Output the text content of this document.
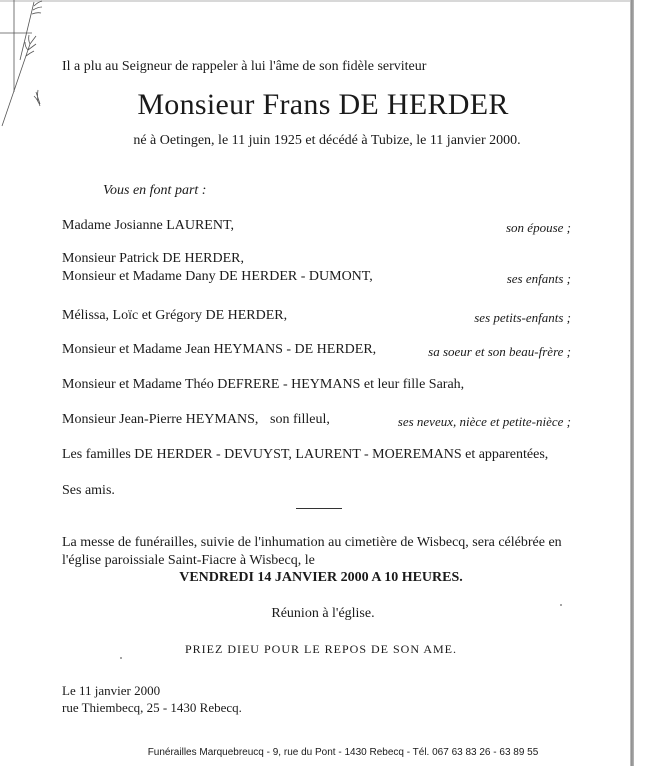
Il a plu au Seigneur de rappeler à lui l'âme de son fidèle serviteur
Monsieur Frans DE HERDER
né à Oetingen, le 11 juin 1925 et décédé à Tubize, le 11 janvier 2000.
Vous en font part :
Madame Josianne LAURENT,	son épouse ;
Monsieur Patrick DE HERDER,
Monsieur et Madame Dany DE HERDER - DUMONT,	ses enfants ;
Mélissa, Loïc et Grégory DE HERDER,	ses petits-enfants ;
Monsieur et Madame Jean HEYMANS - DE HERDER,	sa soeur et son beau-frère ;
Monsieur et Madame Théo DEFRERE - HEYMANS et leur fille Sarah,
Monsieur Jean-Pierre HEYMANS, son filleul,	ses neveux, nièce et petite-nièce ;
Les familles DE HERDER - DEVUYST, LAURENT - MOEREMANS et apparentées,
Ses amis.
La messe de funérailles, suivie de l'inhumation au cimetière de Wisbecq, sera célébrée en
l'église paroissiale Saint-Fiacre à Wisbecq, le
VENDREDI 14 JANVIER 2000 A 10 HEURES.
Réunion à l'église.
PRIEZ DIEU POUR LE REPOS DE SON AME.
Le 11 janvier 2000
rue Thiembecq, 25 - 1430 Rebecq.
Funérailles Marquebreucq - 9, rue du Pont - 1430 Rebecq - Tél. 067 63 83 26 - 63 89 55
